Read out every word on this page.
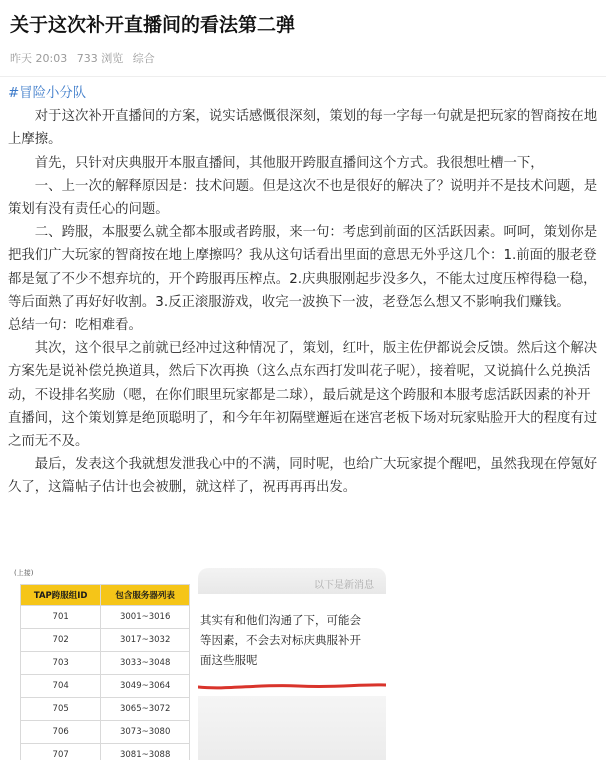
关于这次补开直播间的看法第二弹
昨天 20:03 733 浏览 综合
#冒险小分队

对于这次补开直播间的方案，说实话感慨很深刻，策划的每一字每一句就是把玩家的智商按在地上摩擦。

首先，只针对庆典服开本服直播间，其他服开跨服直播间这个方式。我很想吐槽一下，

一、上一次的解释原因是：技术问题。但是这次不也是很好的解决了？说明并不是技术问题，是策划有没有责任心的问题。

二、跨服，本服要么就全都本服或者跨服，来一句：考虑到前面的区活跃因素。呵呵，策划你是把我们广大玩家的智商按在地上摩擦吗？我从这句话看出里面的意思无外乎这几个：1.前面的服老登都是氪了不少不想弃坑的，开个跨服再压榨点。2.庆典服刚起步没多久，不能太过度压榨得稳一稳，等后面熟了再好好收割。3.反正滚服游戏，收完一波换下一波，老登怎么想又不影响我们赚钱。　　总结一句：吃相难看。

其次，这个很早之前就已经冲过这种情况了，策划，红叶，版主佐伊都说会反馈。然后这个解决方案先是说补偿兑换道具，然后下次再换（这么点东西打发叫花子呢），接着呢，又说搞什么兑换活动，不设排名奖励（嗯，在你们眼里玩家都是二球），最后就是这个跨服和本服考虑活跃因素的补开直播间，这个策划算是绝顶聪明了，和今年年初隔壁邂逅在迷宫老板下场对玩家贴脸开大的程度有过之而无不及。

最后，发表这个我就想发泄我心中的不满，同时呢，也给广大玩家提个醒吧，虽然我现在停氪好久了，这篇帖子估计也会被删，就这样了，祝再再再出发。

(上接)
TAP跨服组ID	包含服务器列表
701	3001~3016
702	3017~3032
703	3033~3048
704	3049~3064
705	3065~3072
706	3073~3080
707	3081~3088
以下是新消息
其实有和他们沟通了下，可能会
等因素，不会去对标庆典服补开
面这些服呢
